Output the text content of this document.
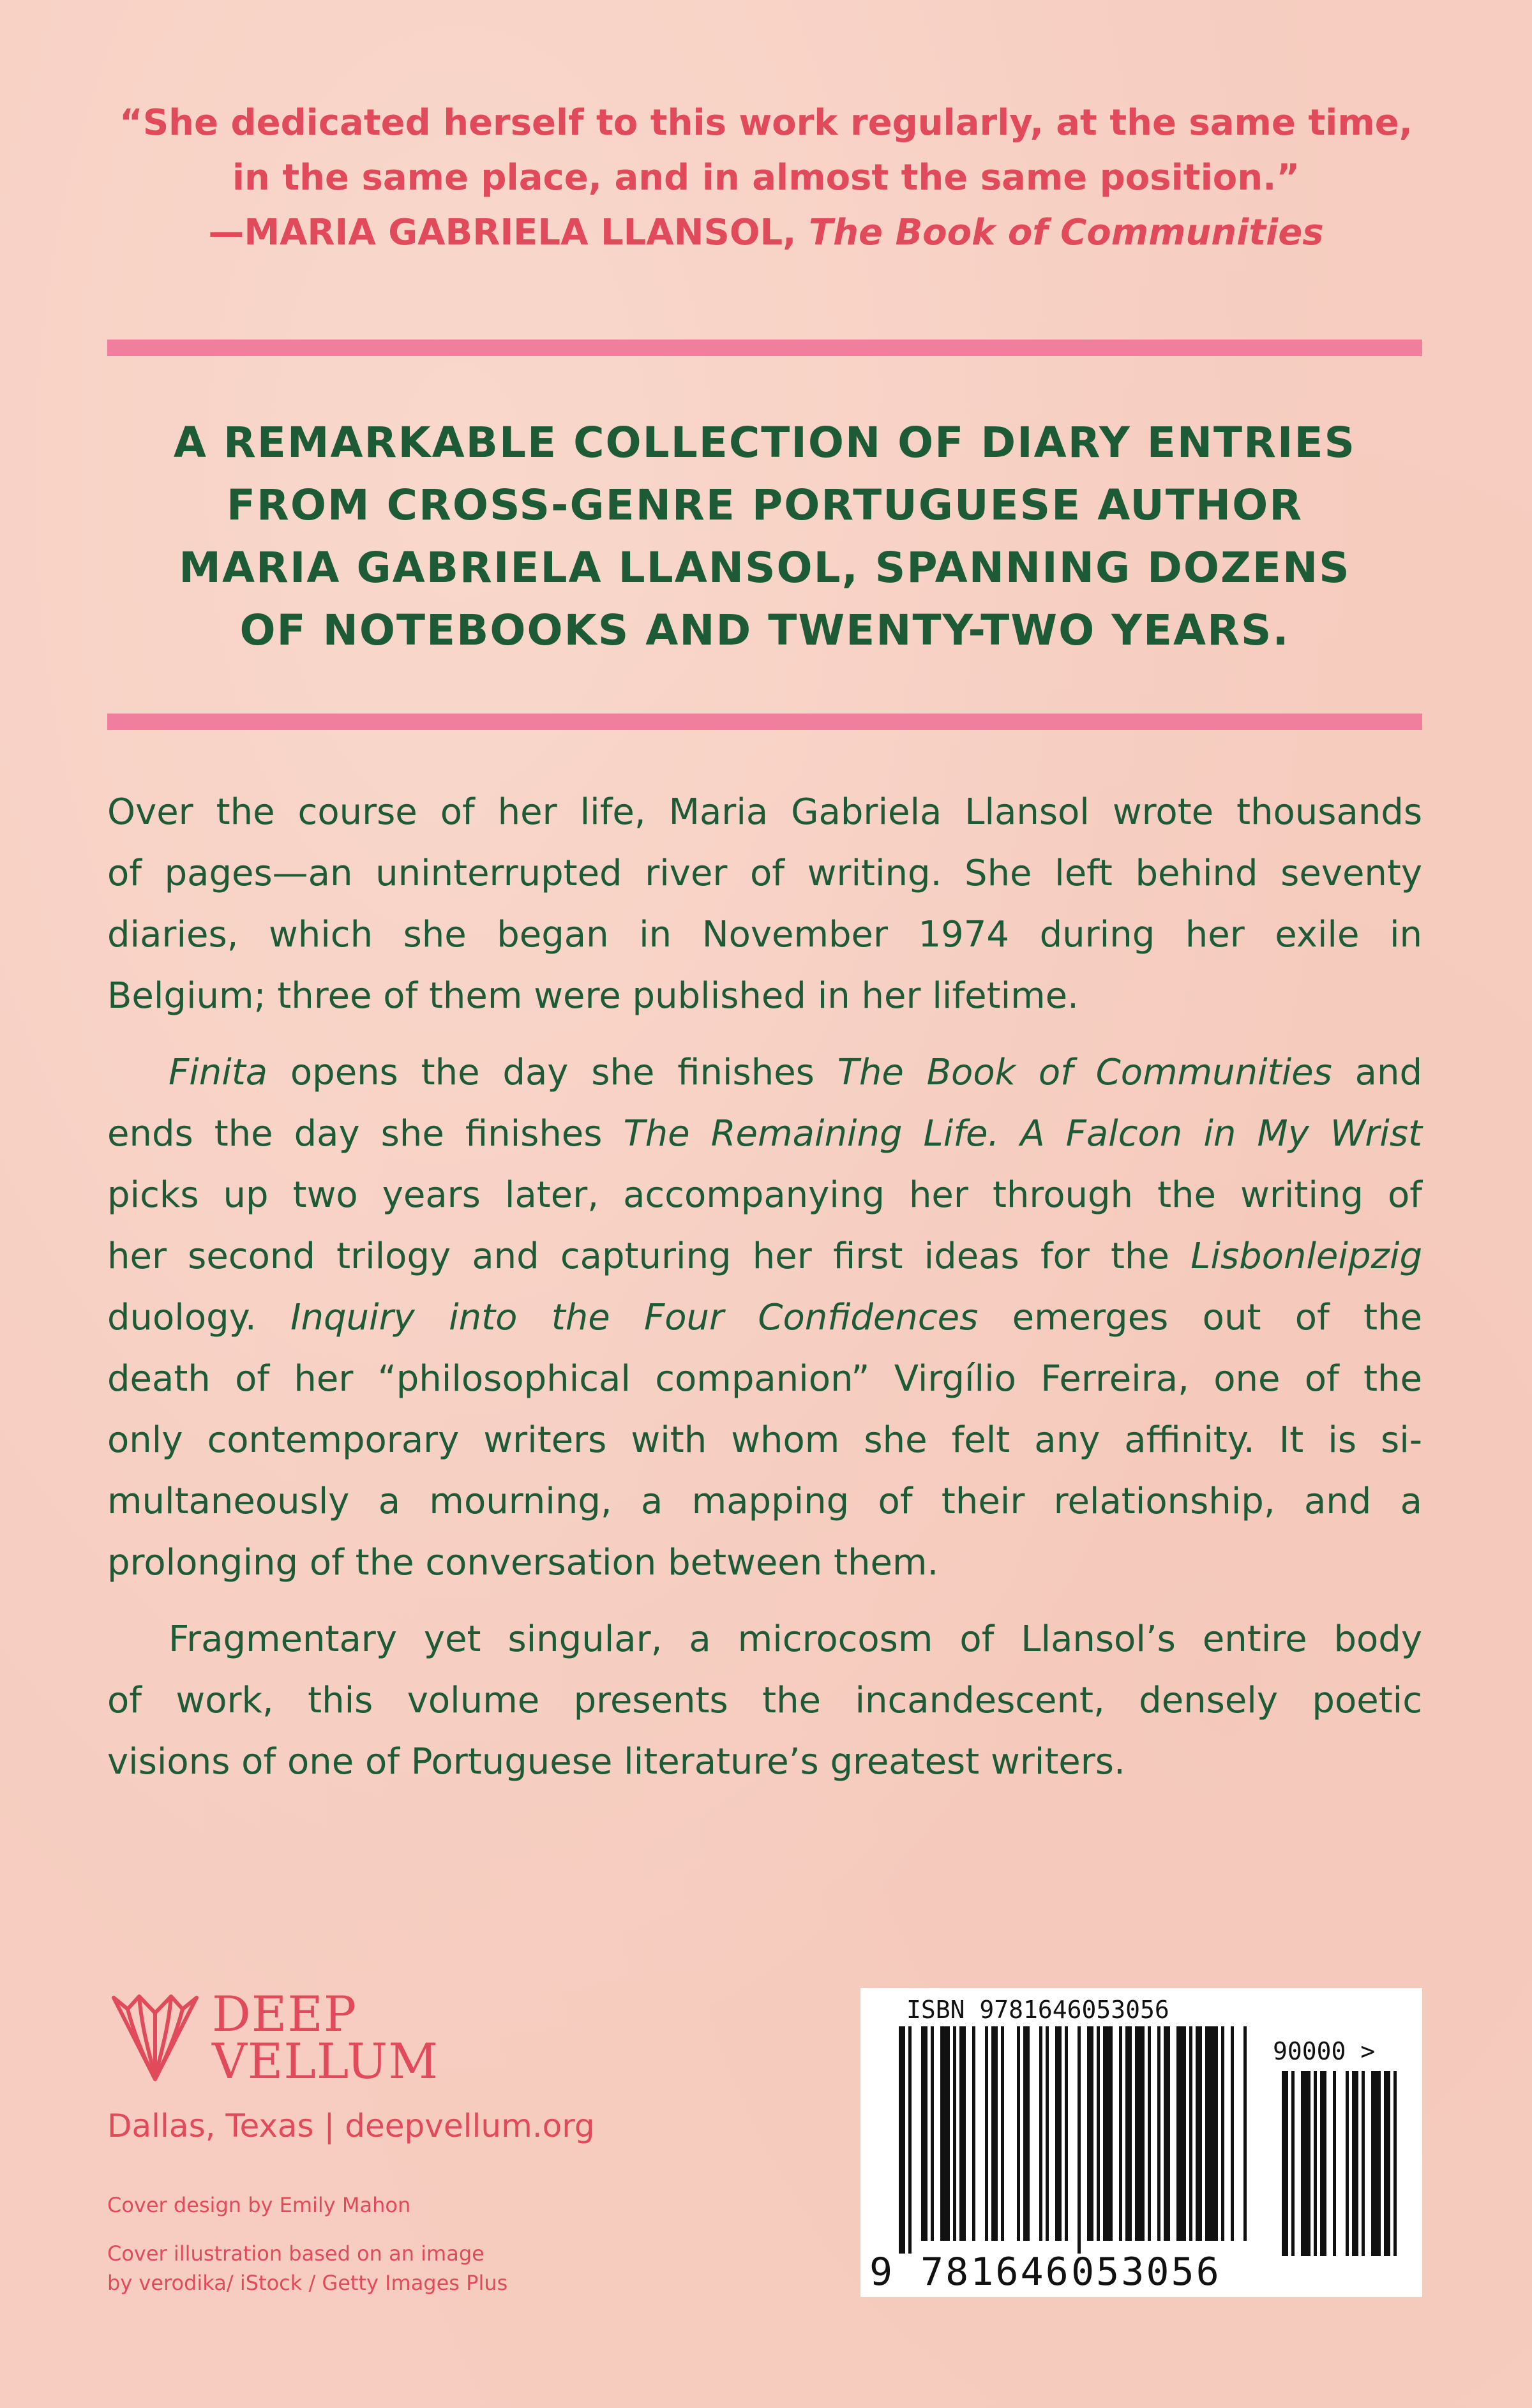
“She dedicated herself to this work regularly, at the same time,
in the same place, and in almost the same position.”
—MARIA GABRIELA LLANSOL, The Book of Communities
A REMARKABLE COLLECTION OF DIARY ENTRIES
FROM CROSS-GENRE PORTUGUESE AUTHOR
MARIA GABRIELA LLANSOL, SPANNING DOZENS
OF NOTEBOOKS AND TWENTY-TWO YEARS.
Over the course of her life, Maria Gabriela Llansol wrote thousands
of pages—an uninterrupted river of writing. She left behind seventy
diaries, which she began in November 1974 during her exile in
Belgium; three of them were published in her lifetime.
Finita opens the day she finishes The Book of Communities and
ends the day she finishes The Remaining Life. A Falcon in My Wrist
picks up two years later, accompanying her through the writing of
her second trilogy and capturing her first ideas for the Lisbonleipzig
duology. Inquiry into the Four Confidences emerges out of the
death of her “philosophical companion” Virgílio Ferreira, one of the
only contemporary writers with whom she felt any affinity. It is si-
multaneously a mourning, a mapping of their relationship, and a
prolonging of the conversation between them.
Fragmentary yet singular, a microcosm of Llansol’s entire body
of work, this volume presents the incandescent, densely poetic
visions of one of Portuguese literature’s greatest writers.
DEEP
VELLUM
Dallas, Texas | deepvellum.org
Cover design by Emily Mahon
Cover illustration based on an image
by verodika/ iStock / Getty Images Plus
ISBN 9781646053056
90000 >
9 781646 053056
